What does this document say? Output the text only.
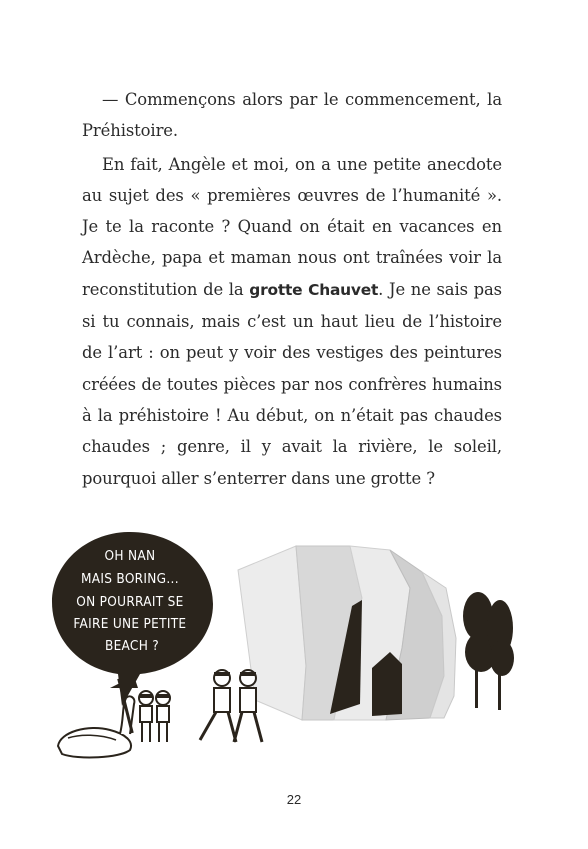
— Commençons alors par le commencement, la Préhistoire.

En fait, Angèle et moi, on a une petite anecdote au sujet des « premières œuvres de l’humanité ». Je te la raconte ? Quand on était en vacances en Ardèche, papa et maman nous ont traînées voir la reconstitution de la grotte Chauvet. Je ne sais pas si tu connais, mais c’est un haut lieu de l’histoire de l’art : on peut y voir des vestiges des peintures créées de toutes pièces par nos confrères humains à la préhistoire ! Au début, on n’était pas chaudes chaudes ; genre, il y avait la rivière, le soleil, pourquoi aller s’enterrer dans une grotte ?

OH NAN MAIS BORING... ON POURRAIT SE FAIRE UNE PETITE BEACH ?
22
